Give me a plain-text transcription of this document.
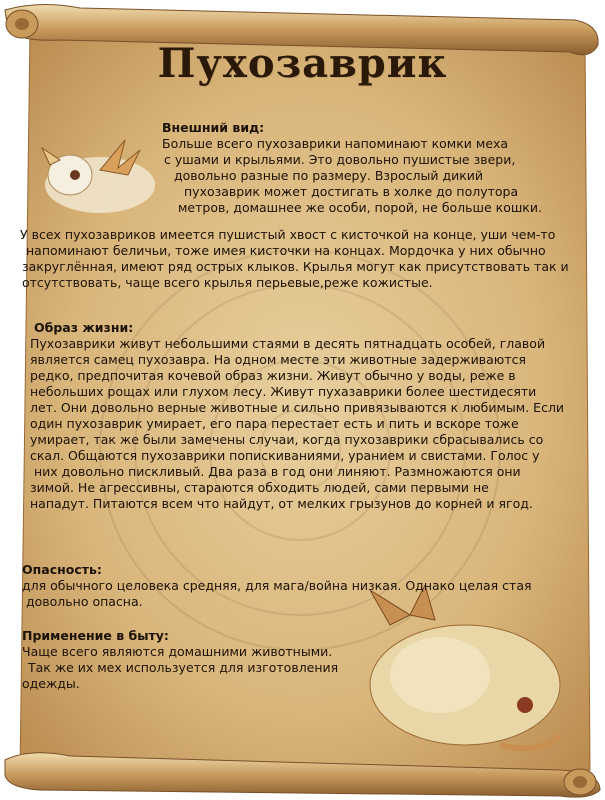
Пухозаврик
Внешний вид:
Больше всего пухозаврики напоминают комки меха
с ушами и крыльями. Это довольно пушистые звери,
довольно разные по размеру. Взрослый дикий
пухозаврик может достигать в холке до полутора
метров, домашнее же особи, порой, не больше кошки.
У всех пухозавриков имеется пушистый хвост с кисточкой на конце, уши чем-то
напоминают беличьи, тоже имея кисточки на концах. Мордочка у них обычно
закруглённая, имеют ряд острых клыков. Крылья могут как присутствовать так и
отсутствовать, чаще всего крылья перьевые,реже кожистые.
Образ жизни:
Пухозаврики живут небольшими стаями в десять пятнадцать особей, главой
является самец пухозавра. На одном месте эти животные задерживаются
редко, предпочитая кочевой образ жизни. Живут обычно у воды, реже в
небольших рощах или глухом лесу. Живут пухазаврики более шестидесяти
лет. Они довольно верные животные и сильно привязываются к любимым. Если
один пухозаврик умирает, его пара перестает есть и пить и вскоре тоже
умирает, так же были замечены случаи, когда пухозаврики сбрасывались со
скал. Общаются пухозаврики попискиваниями, уранием и свистами. Голос у
них довольно пискливый. Два раза в год они линяют. Размножаются они
зимой. Не агрессивны, стараются обходить людей, сами первыми не
нападут. Питаются всем что найдут, от мелких грызунов до корней и ягод.
Опасность:
для обычного целовека средняя, для мага/война низкая. Однако целая стая
довольно опасна.
Применение в быту:
Чаще всего являются домашними животными.
Так же их мех используется для изготовления
одежды.
